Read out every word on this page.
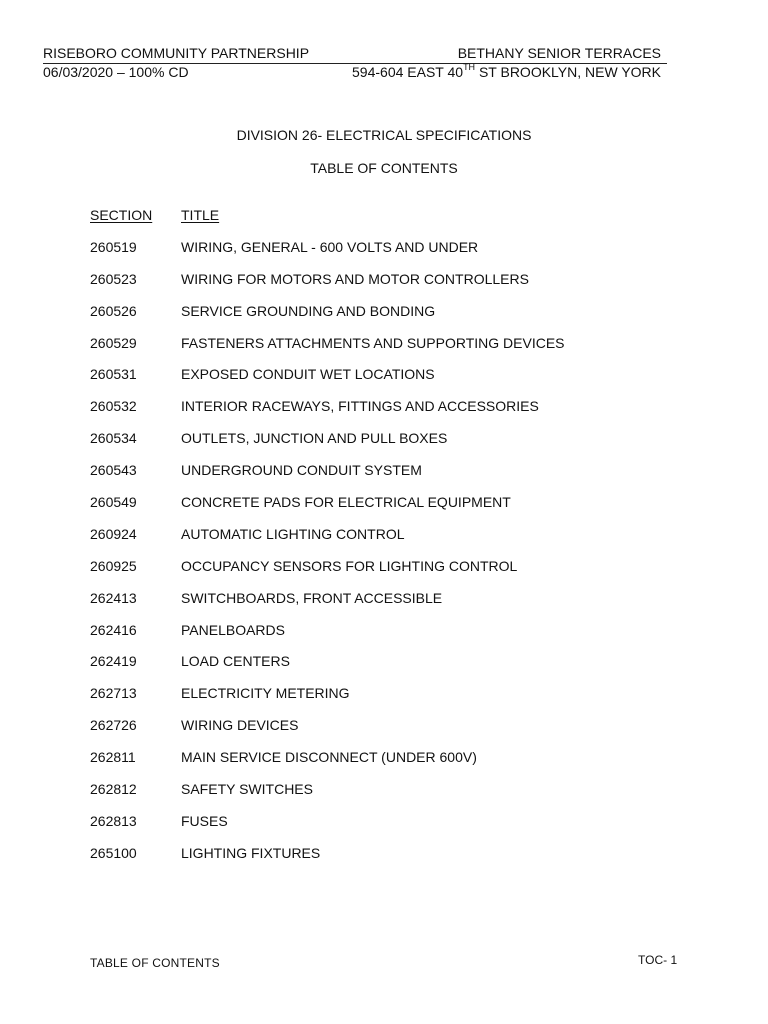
RISEBORO COMMUNITY PARTNERSHIP	BETHANY SENIOR TERRACES
06/03/2020 – 100% CD	594-604 EAST 40TH ST BROOKLYN, NEW YORK
DIVISION 26- ELECTRICAL SPECIFICATIONS
TABLE OF CONTENTS
SECTION TITLE
260519	WIRING, GENERAL - 600 VOLTS AND UNDER
260523	WIRING FOR MOTORS AND MOTOR CONTROLLERS
260526	SERVICE GROUNDING AND BONDING
260529	FASTENERS ATTACHMENTS AND SUPPORTING DEVICES
260531	EXPOSED CONDUIT WET LOCATIONS
260532	INTERIOR RACEWAYS, FITTINGS AND ACCESSORIES
260534	OUTLETS, JUNCTION AND PULL BOXES
260543	UNDERGROUND CONDUIT SYSTEM
260549	CONCRETE PADS FOR ELECTRICAL EQUIPMENT
260924	AUTOMATIC LIGHTING CONTROL
260925	OCCUPANCY SENSORS FOR LIGHTING CONTROL
262413	SWITCHBOARDS, FRONT ACCESSIBLE
262416	PANELBOARDS
262419	LOAD CENTERS
262713	ELECTRICITY METERING
262726	WIRING DEVICES
262811	MAIN SERVICE DISCONNECT (UNDER 600V)
262812	SAFETY SWITCHES
262813	FUSES
265100	LIGHTING FIXTURES
TABLE OF CONTENTS	TOC- 1
